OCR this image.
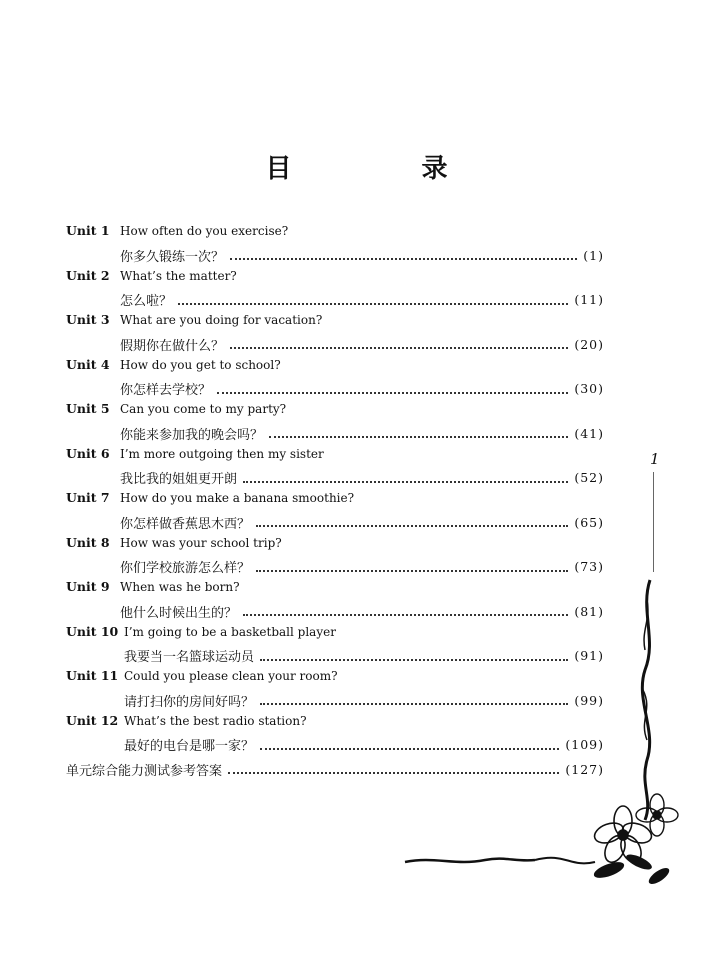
目　录
Unit 1 How often do you exercise?
你多久锻练一次？	(1)
Unit 2 What’s the matter?
怎么啦？	(11)
Unit 3 What are you doing for vacation?
假期你在做什么？	(20)
Unit 4 How do you get to school?
你怎样去学校？	(30)
Unit 5 Can you come to my party?
你能来参加我的晚会吗？	(41)
Unit 6 I’m more outgoing then my sister
我比我的姐姐更开朗	(52)
Unit 7 How do you make a banana smoothie?
你怎样做香蕉思木西？	(65)
Unit 8 How was your school trip?
你们学校旅游怎么样？	(73)
Unit 9 When was he born?
他什么时候出生的？	(81)
Unit 10 I’m going to be a basketball player
我要当一名篮球运动员	(91)
Unit 11 Could you please clean your room?
请打扫你的房间好吗？	(99)
Unit 12 What’s the best radio station?
最好的电台是哪一家？	(109)
单元综合能力测试参考答案	(127)
1
